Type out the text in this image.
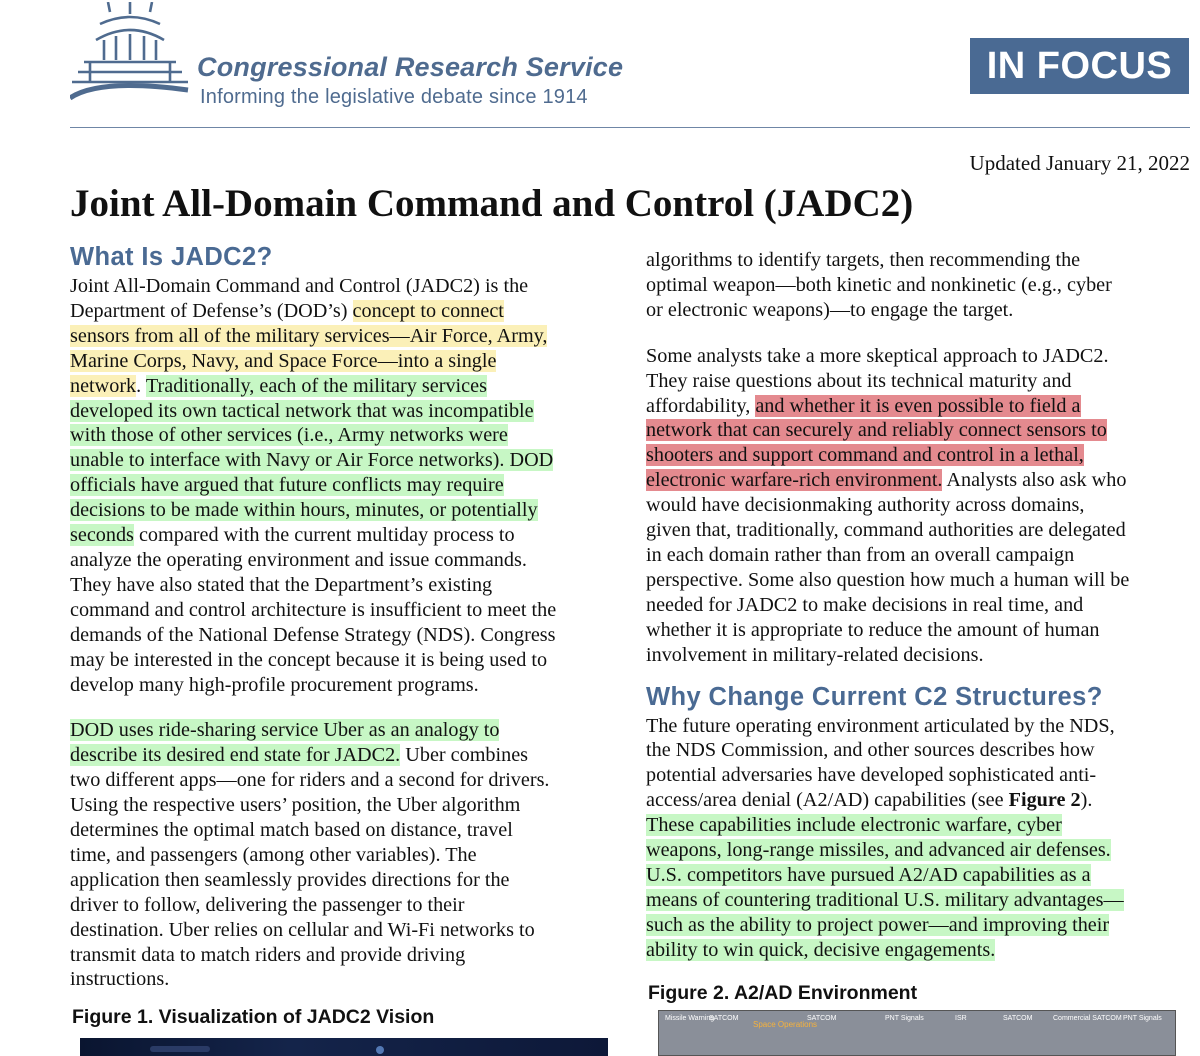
Congressional Research Service
Informing the legislative debate since 1914
IN FOCUS
Updated January 21, 2022
Joint All-Domain Command and Control (JADC2)
What Is JADC2?

Joint All-Domain Command and Control (JADC2) is the
Department of Defense’s (DOD’s) concept to connect
sensors from all of the military services—Air Force, Army,
Marine Corps, Navy, and Space Force—into a single
network. Traditionally, each of the military services
developed its own tactical network that was incompatible
with those of other services (i.e., Army networks were
unable to interface with Navy or Air Force networks). DOD
officials have argued that future conflicts may require
decisions to be made within hours, minutes, or potentially
seconds compared with the current multiday process to
analyze the operating environment and issue commands.
They have also stated that the Department’s existing
command and control architecture is insufficient to meet the
demands of the National Defense Strategy (NDS). Congress
may be interested in the concept because it is being used to
develop many high-profile procurement programs.

DOD uses ride-sharing service Uber as an analogy to
describe its desired end state for JADC2. Uber combines
two different apps—one for riders and a second for drivers.
Using the respective users’ position, the Uber algorithm
determines the optimal match based on distance, travel
time, and passengers (among other variables). The
application then seamlessly provides directions for the
driver to follow, delivering the passenger to their
destination. Uber relies on cellular and Wi-Fi networks to
transmit data to match riders and provide driving
instructions.

Figure 1. Visualization of JADC2 Vision

algorithms to identify targets, then recommending the
optimal weapon—both kinetic and nonkinetic (e.g., cyber
or electronic weapons)—to engage the target.

Some analysts take a more skeptical approach to JADC2.
They raise questions about its technical maturity and
affordability, and whether it is even possible to field a
network that can securely and reliably connect sensors to
shooters and support command and control in a lethal,
electronic warfare-rich environment. Analysts also ask who
would have decisionmaking authority across domains,
given that, traditionally, command authorities are delegated
in each domain rather than from an overall campaign
perspective. Some also question how much a human will be
needed for JADC2 to make decisions in real time, and
whether it is appropriate to reduce the amount of human
involvement in military-related decisions.

Why Change Current C2 Structures?

The future operating environment articulated by the NDS,
the NDS Commission, and other sources describes how
potential adversaries have developed sophisticated anti-
access/area denial (A2/AD) capabilities (see Figure 2).
These capabilities include electronic warfare, cyber
weapons, long-range missiles, and advanced air defenses.
U.S. competitors have pursued A2/AD capabilities as a
means of countering traditional U.S. military advantages—
such as the ability to project power—and improving their
ability to win quick, decisive engagements.

Figure 2. A2/AD Environment
Missile Warning
SATCOM
Space Operations
SATCOM	PNT Signals	ISR	SATCOM	Commercial SATCOM PNT Signals
